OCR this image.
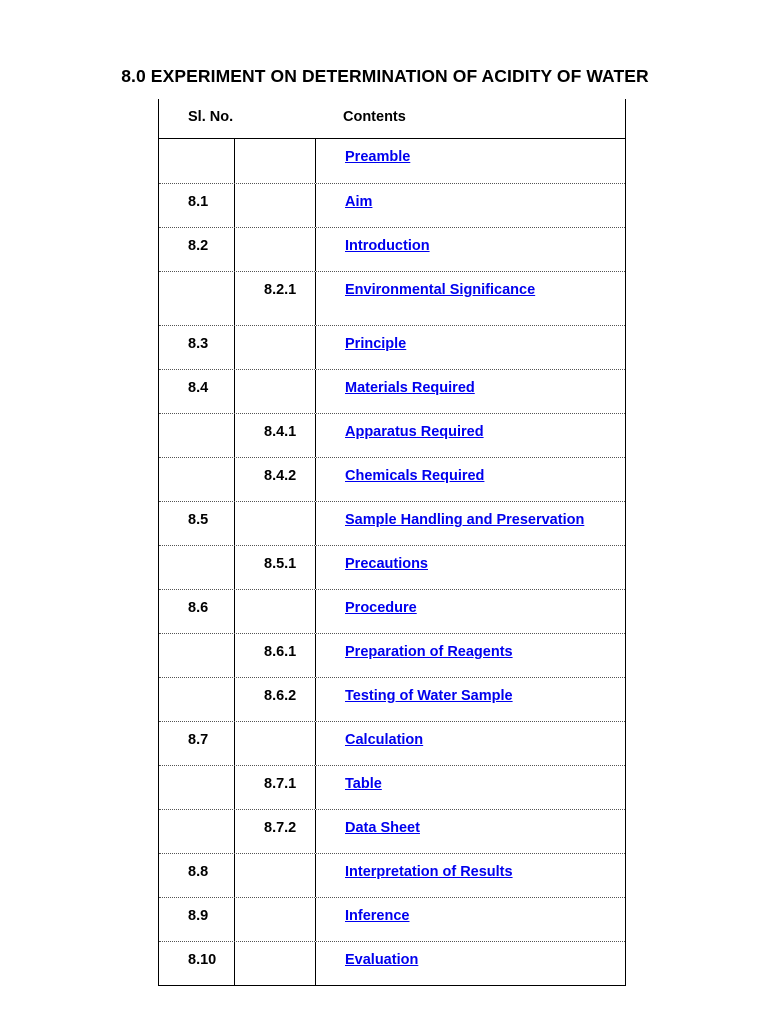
8.0 EXPERIMENT ON DETERMINATION OF ACIDITY OF WATER
Sl. No.	Contents
Preamble
8.1	Aim
8.2	Introduction
8.2.1	Environmental Significance
8.3	Principle
8.4	Materials Required
8.4.1	Apparatus Required
8.4.2	Chemicals Required
8.5	Sample Handling and Preservation
8.5.1	Precautions
8.6	Procedure
8.6.1	Preparation of Reagents
8.6.2	Testing of Water Sample
8.7	Calculation
8.7.1	Table
8.7.2	Data Sheet
8.8	Interpretation of Results
8.9	Inference
8.10	Evaluation
